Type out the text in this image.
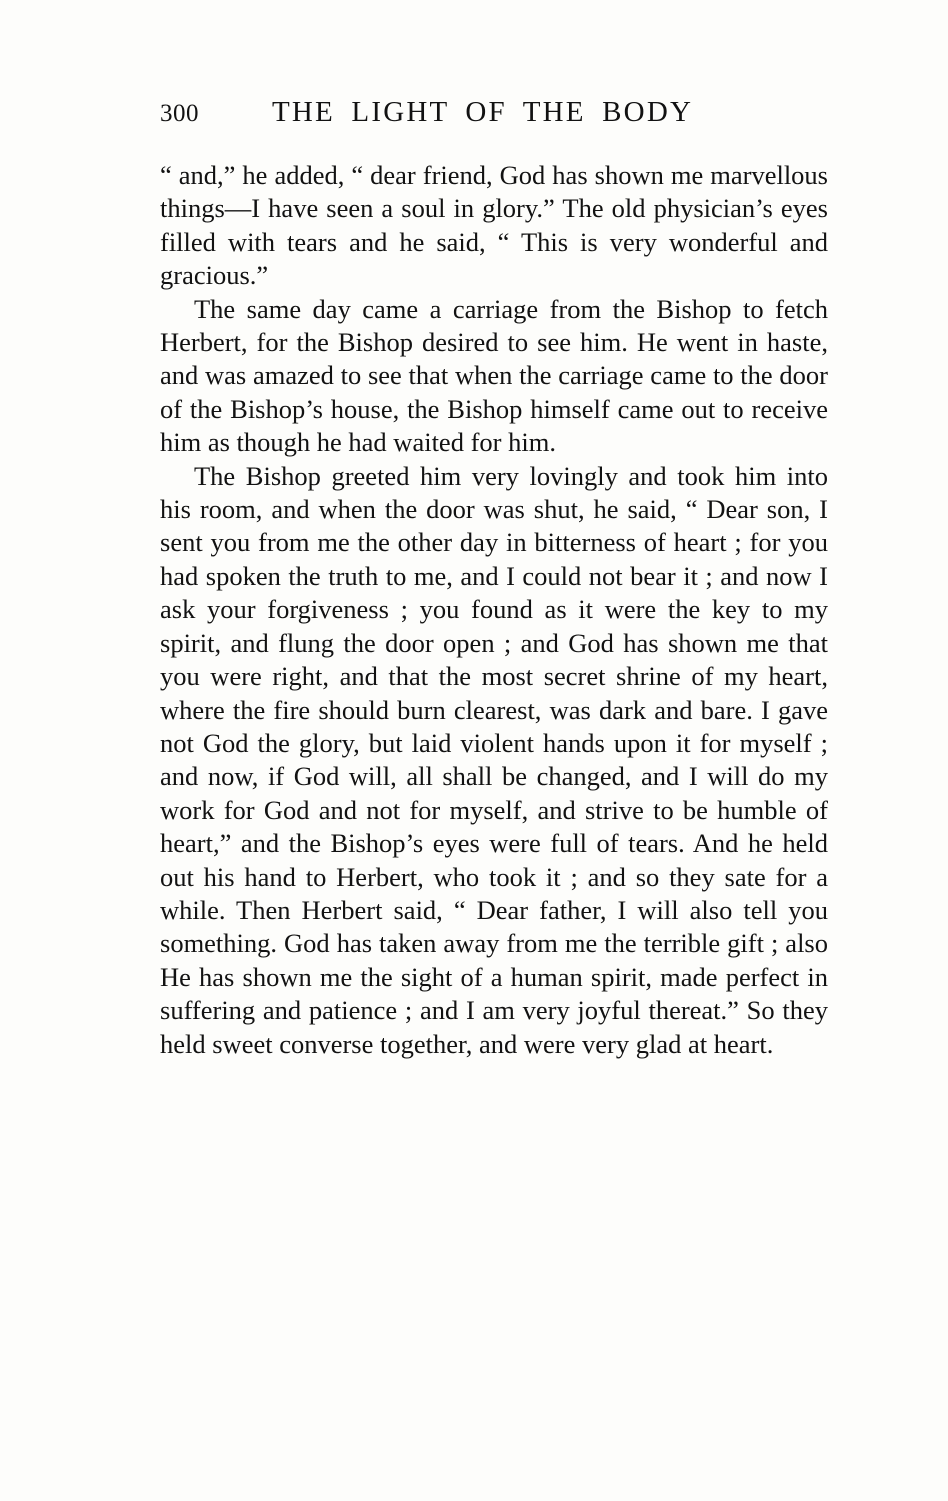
300	THE LIGHT OF THE BODY

“ and,” he added, “ dear friend, God has shown me marvellous things—I have seen a soul in glory.” The old physician’s eyes filled with tears and he said, “ This is very wonderful and gracious.”

The same day came a carriage from the Bishop to fetch Herbert, for the Bishop desired to see him. He went in haste, and was amazed to see that when the carriage came to the door of the Bishop’s house, the Bishop himself came out to receive him as though he had waited for him.

The Bishop greeted him very lovingly and took him into his room, and when the door was shut, he said, “ Dear son, I sent you from me the other day in bitterness of heart ; for you had spoken the truth to me, and I could not bear it ; and now I ask your forgiveness ; you found as it were the key to my spirit, and flung the door open ; and God has shown me that you were right, and that the most secret shrine of my heart, where the fire should burn clearest, was dark and bare. I gave not God the glory, but laid violent hands upon it for myself ; and now, if God will, all shall be changed, and I will do my work for God and not for myself, and strive to be humble of heart,” and the Bishop’s eyes were full of tears. And he held out his hand to Herbert, who took it ; and so they sate for a while. Then Herbert said, “ Dear father, I will also tell you something. God has taken away from me the terrible gift ; also He has shown me the sight of a human spirit, made perfect in suffering and patience ; and I am very joyful thereat.” So they held sweet converse together, and were very glad at heart.
